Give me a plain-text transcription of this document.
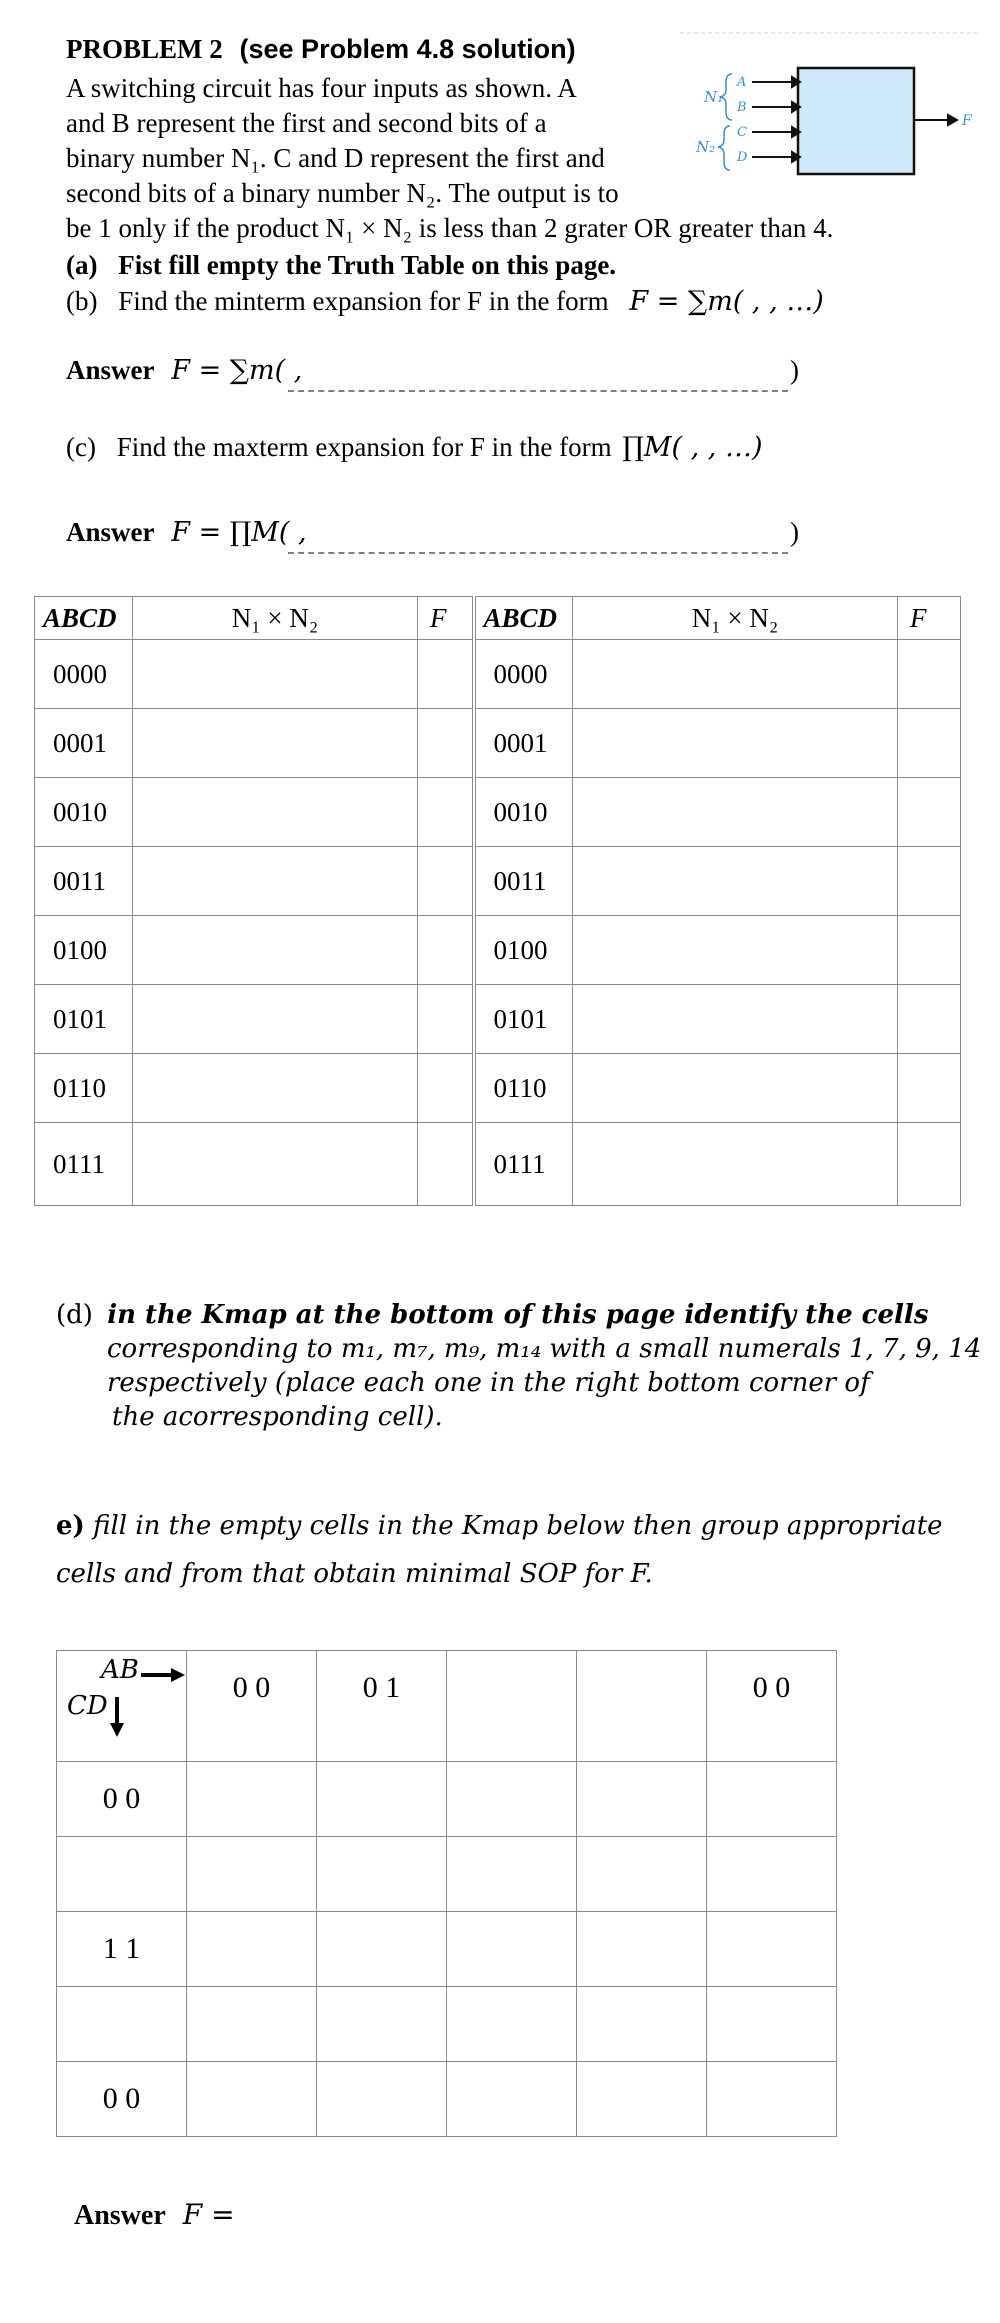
PROBLEM 2 (see Problem 4.8 solution)
A switching circuit has four inputs as shown. A
and B represent the first and second bits of a
binary number N₁. C and D represent the first and
second bits of a binary number N₂. The output is to
be 1 only if the product N₁ × N₂ is less than 2 grater OR greater than 4.
N₁
A
B
N₂
C
D
F
(a) Fist fill empty the Truth Table on this page.
(b) Find the minterm expansion for F in the form F = ∑m( , , …)
Answer F = ∑m( ,	)
(c) Find the maxterm expansion for F in the form ∏M( , , …)
Answer F = ∏M( ,	)
ABCD	N₁ × N₂	F	ABCD	N₁ × N₂	F
0000			0000		
0001			0001		
0010			0010		
0011			0011		
0100			0100		
0101			0101		
0110			0110		
0111			0111		
(d) in the Kmap at the bottom of this page identify the cells
corresponding to m₁, m₇, m₉, m₁₄ with a small numerals 1, 7, 9, 14
respectively (place each one in the right bottom corner of
the acorresponding cell).
e) fill in the empty cells in the Kmap below then group appropriate
cells and from that obtain minimal SOP for F.
AB
CD	0 0	0 1			0 0
0 0					

1 1					

0 0					
Answer F =
